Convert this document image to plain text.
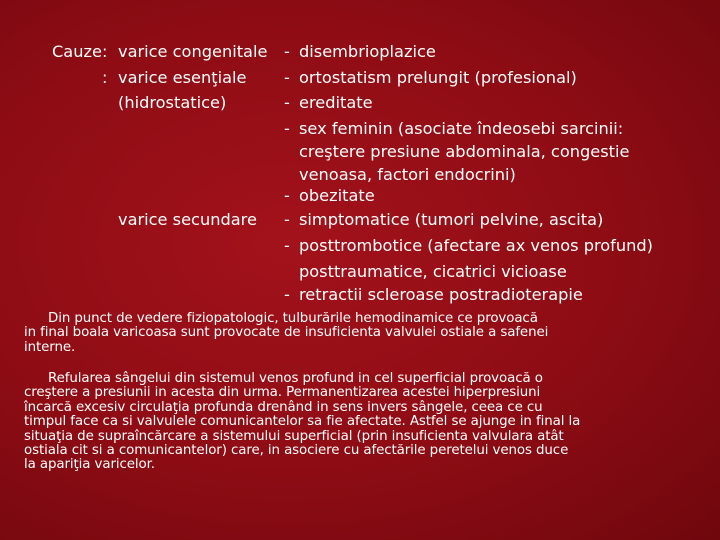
Cauze: varice congenitale
: varice esenţiale
(hidrostatice)
varice secundare
-
-
-
-
-
-
-
-
disembrioplazice
ortostatism prelungit (profesional)
ereditate
sex feminin (asociate îndeosebi sarcinii:
creştere presiune abdominala, congestie
venoasa, factori endocrini)
obezitate
simptomatice (tumori pelvine, ascita)
posttrombotice (afectare ax venos profund)
posttraumatice, cicatrici vicioase
retractii scleroase postradioterapie
Din punct de vedere fiziopatologic, tulburările hemodinamice ce provoacă
in final boala varicoasa sunt provocate de insuficienta valvulei ostiale a safenei
interne.
Refularea sângelui din sistemul venos profund in cel superficial provoacă o
creştere a presiunii in acesta din urma. Permanentizarea acestei hiperpresiuni
încarcă excesiv circulaţia profunda drenând in sens invers sângele, ceea ce cu
timpul face ca si valvulele comunicantelor sa fie afectate. Astfel se ajunge in final la
situaţia de supraîncărcare a sistemului superficial (prin insuficienta valvulara atât
ostiala cit si a comunicantelor) care, in asociere cu afectările peretelui venos duce
la apariţia varicelor.
